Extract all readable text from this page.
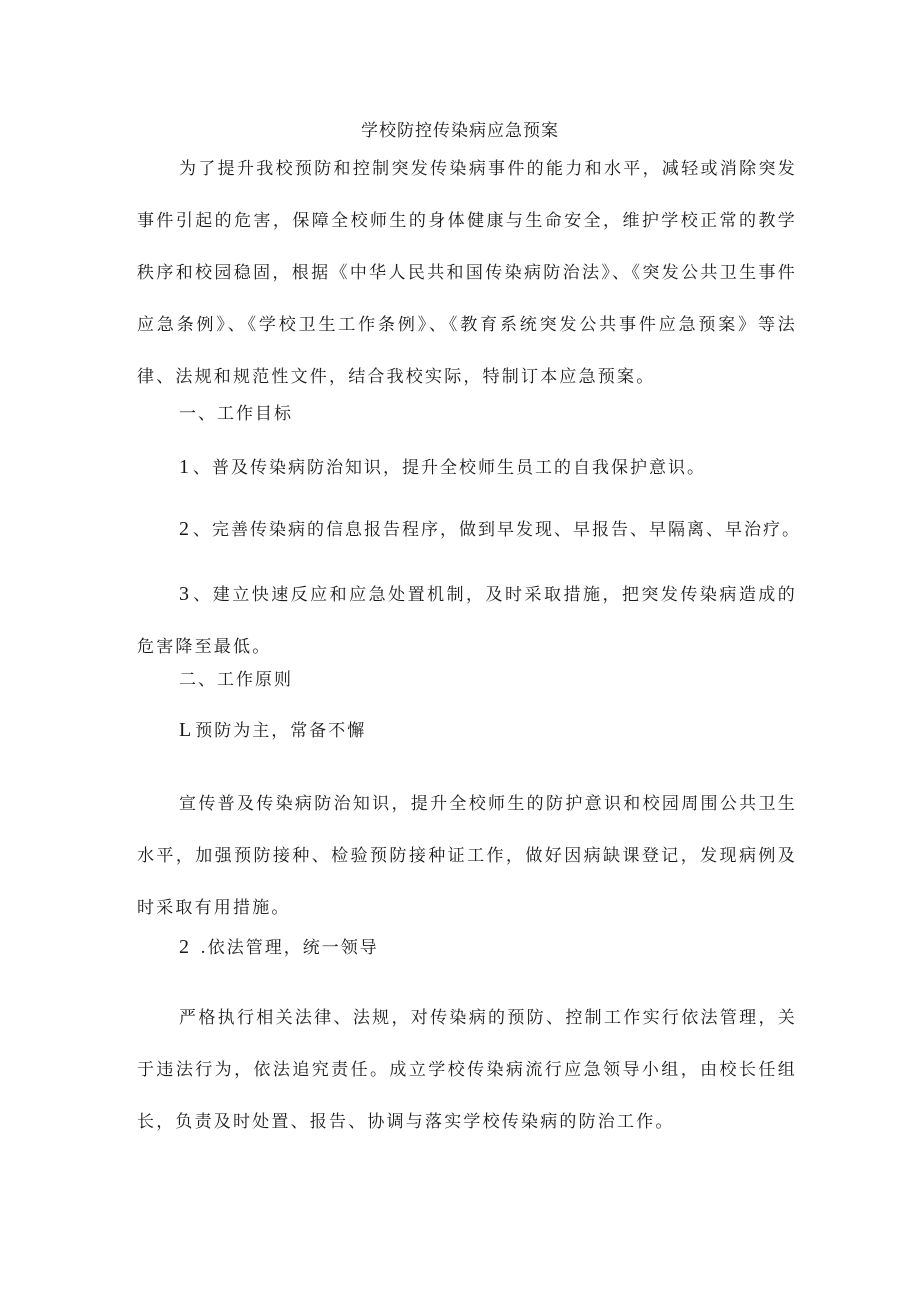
学校防控传染病应急预案

为了提升我校预防和控制突发传染病事件的能力和水平，减轻或消除突发事件引起的危害，保障全校师生的身体健康与生命安全，维护学校正常的教学秩序和校园稳固，根据《中华人民共和国传染病防治法》、《突发公共卫生事件应急条例》、《学校卫生工作条例》、《教育系统突发公共事件应急预案》等法律、法规和规范性文件，结合我校实际，特制订本应急预案。

一、工作目标

1 、普及传染病防治知识，提升全校师生员工的自我保护意识。

2 、完善传染病的信息报告程序，做到早发现、早报告、早隔离、早治疗。

3 、建立快速反应和应急处置机制，及时采取措施，把突发传染病造成的危害降至最低。

二、工作原则

L 预防为主，常备不懈

宣传普及传染病防治知识，提升全校师生的防护意识和校园周围公共卫生水平，加强预防接种、检验预防接种证工作，做好因病缺课登记，发现病例及时采取有用措施。

2 .依法管理，统一领导

严格执行相关法律、法规，对传染病的预防、控制工作实行依法管理，关于违法行为，依法追究责任。成立学校传染病流行应急领导小组，由校长任组长，负责及时处置、报告、协调与落实学校传染病的防治工作。
